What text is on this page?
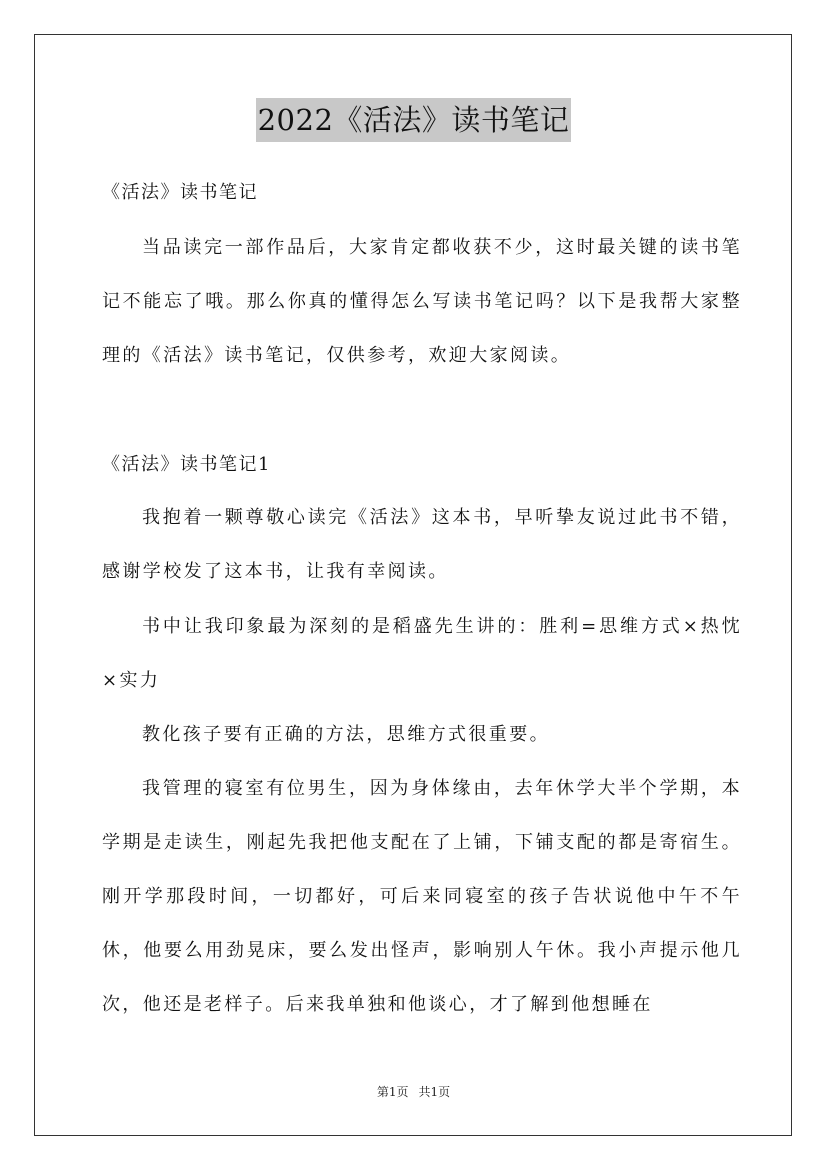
2022《活法》读书笔记

《活法》读书笔记

当品读完一部作品后，大家肯定都收获不少，这时最关键的读书笔记不能忘了哦。那么你真的懂得怎么写读书笔记吗？以下是我帮大家整理的《活法》读书笔记，仅供参考，欢迎大家阅读。

《活法》读书笔记1

我抱着一颗尊敬心读完《活法》这本书，早听挚友说过此书不错，感谢学校发了这本书，让我有幸阅读。

书中让我印象最为深刻的是稻盛先生讲的：胜利=思维方式×热忱×实力

教化孩子要有正确的方法，思维方式很重要。

我管理的寝室有位男生，因为身体缘由，去年休学大半个学期，本学期是走读生，刚起先我把他支配在了上铺，下铺支配的都是寄宿生。刚开学那段时间，一切都好，可后来同寝室的孩子告状说他中午不午休，他要么用劲晃床，要么发出怪声，影响别人午休。我小声提示他几次，他还是老样子。后来我单独和他谈心，才了解到他想睡在

第1页 共1页
